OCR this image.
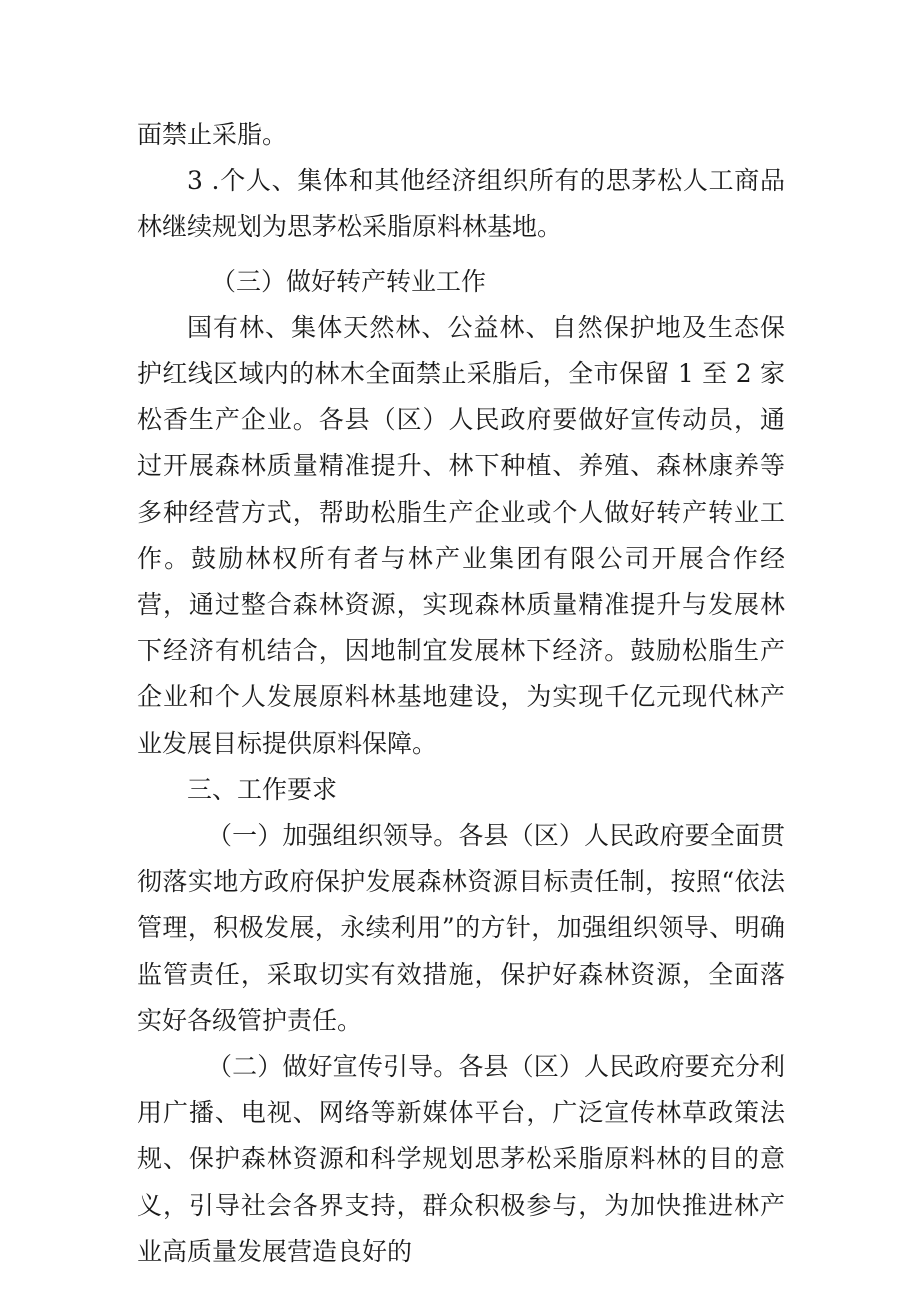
面禁止采脂。

3 .个人、集体和其他经济组织所有的思茅松人工商品林继续规划为思茅松采脂原料林基地。

（三）做好转产转业工作

国有林、集体天然林、公益林、自然保护地及生态保护红线区域内的林木全面禁止采脂后，全市保留 1 至 2 家松香生产企业。各县（区）人民政府要做好宣传动员，通过开展森林质量精准提升、林下种植、养殖、森林康养等多种经营方式，帮助松脂生产企业或个人做好转产转业工作。鼓励林权所有者与林产业集团有限公司开展合作经营，通过整合森林资源，实现森林质量精准提升与发展林下经济有机结合，因地制宜发展林下经济。鼓励松脂生产企业和个人发展原料林基地建设，为实现千亿元现代林产业发展目标提供原料保障。

三、工作要求

（一）加强组织领导。各县（区）人民政府要全面贯彻落实地方政府保护发展森林资源目标责任制，按照“依法管理，积极发展，永续利用”的方针，加强组织领导、明确监管责任，采取切实有效措施，保护好森林资源，全面落实好各级管护责任。

（二）做好宣传引导。各县（区）人民政府要充分利用广播、电视、网络等新媒体平台，广泛宣传林草政策法规、保护森林资源和科学规划思茅松采脂原料林的目的意义，引导社会各界支持，群众积极参与，为加快推进林产业高质量发展营造良好的
